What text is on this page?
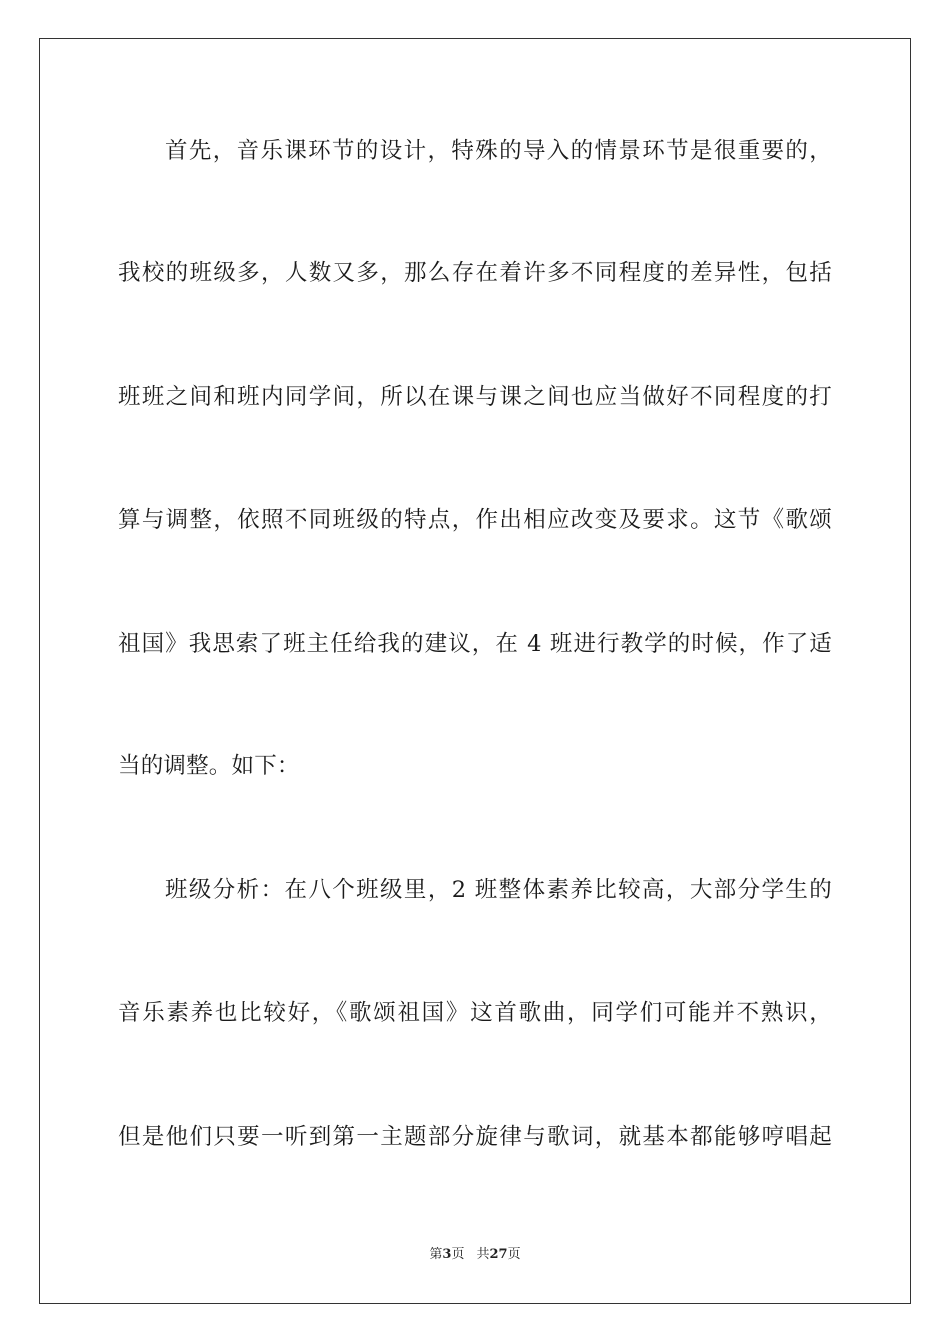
首先，音乐课环节的设计，特殊的导入的情景环节是很重要的，
我校的班级多，人数又多，那么存在着许多不同程度的差异性，包括
班班之间和班内同学间，所以在课与课之间也应当做好不同程度的打
算与调整，依照不同班级的特点，作出相应改变及要求。这节《歌颂
祖国》我思索了班主任给我的建议，在 4 班进行教学的时候，作了适
当的调整。如下：
班级分析：在八个班级里，2 班整体素养比较高，大部分学生的
音乐素养也比较好，《歌颂祖国》这首歌曲，同学们可能并不熟识，
但是他们只要一听到第一主题部分旋律与歌词，就基本都能够哼唱起
第3页 共27页
